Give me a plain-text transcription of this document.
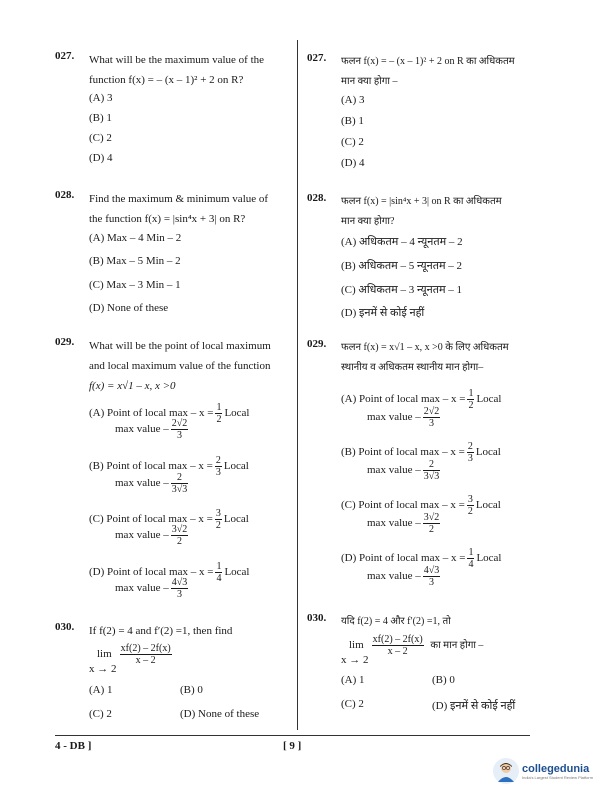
027. What will be the maximum value of the
function f(x) = – (x – 1)² + 2 on R?
(A) 3
(B) 1
(C) 2
(D) 4
028. Find the maximum & minimum value of
the function f(x) = |sin⁴x + 3| on R?
(A) Max – 4 Min – 2
(B) Max – 5 Min – 2
(C) Max – 3 Min – 1
(D) None of these
029. What will be the point of local maximum
and local maximum value of the function
f(x) = x√1 – x, x >0
(A) Point of local $\max - x = \frac{1}{2}$ Local
max value – $\frac{2√2}{3}$
(B) Point of local $\max - x = \frac{2}{3}$ Local
max value – $\frac{2}{3√3}$
(C) Point of local $\max - x = \frac{3}{2}$ Local
max value – $\frac{3√2}{2}$
(D) Point of local $\max - x = \frac{1}{4}$ Local
max value – $\frac{4√3}{3}$
030. If f(2) = 4 and f′(2) =1, then find
$\lim \frac{xf(2) - 2f(x)}{x - 2}$
x → 2
(A) 1	(B) 0
(C) 2	(D) None of these
027. फलन f(x) = – (x – 1)² + 2 on R का अधिकतम
मान क्या होगा –
(A) 3
(B) 1
(C) 2
(D) 4
028. फलन f(x) = |sin⁴x + 3| on R का अधिकतम
मान क्या होगा?
(A) अधिकतम – 4 न्यूनतम – 2
(B) अधिकतम – 5 न्यूनतम – 2
(C) अधिकतम – 3 न्यूनतम – 1
(D) इनमें से कोई नहीं
029. फलन f(x) = x√1 – x, x >0 के लिए अधिकतम
स्थानीय व अधिकतम स्थानीय मान होगा–
(A) Point of local $\max - x = \frac{1}{2}$ Local
max value – $\frac{2√2}{3}$
(B) Point of local $\max - x = \frac{2}{3}$ Local
max value – $\frac{2}{3√3}$
(C) Point of local $\max - x = \frac{3}{2}$ Local
max value – $\frac{3√2}{2}$
(D) Point of local $\max - x = \frac{1}{4}$ Local
max value – $\frac{4√3}{3}$
030. यदि f(2) = 4 और f′(2) =1, तो
$\lim \frac{xf(2) - 2f(x)}{x - 2}$ का मान होगा –
x → 2
(A) 1	(B) 0
(C) 2	(D) इनमें से कोई नहीं
4 - DB ]	[ 9 ]
collegedunia
India's Largest Student Review Platform
